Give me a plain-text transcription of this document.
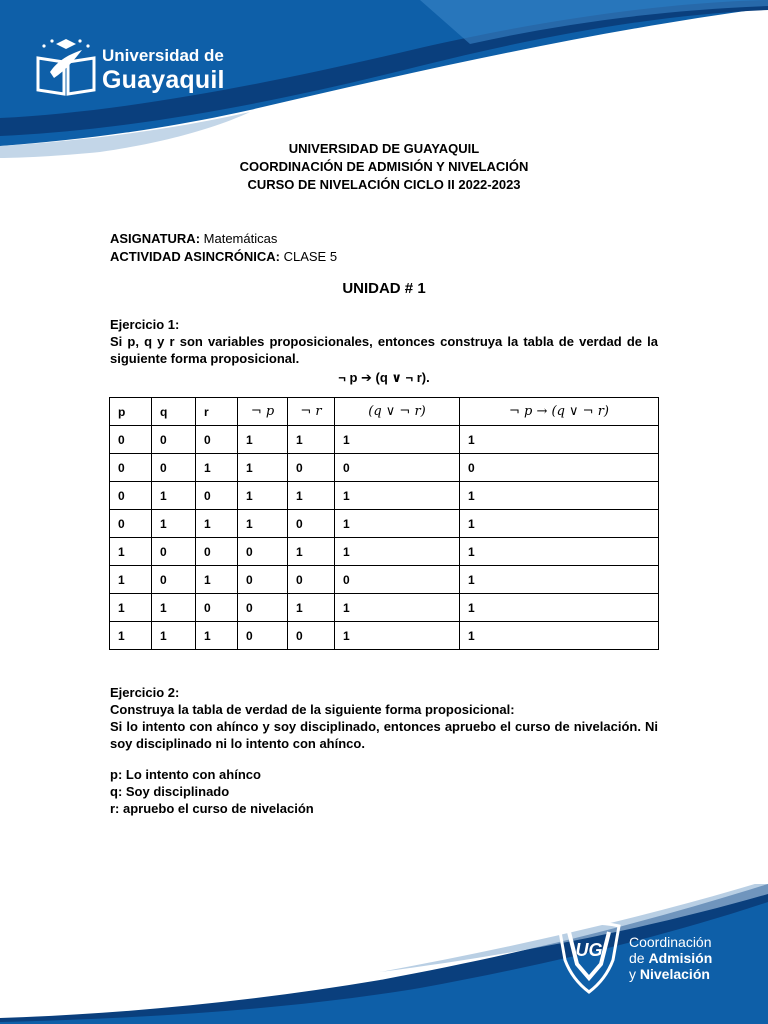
Universidad de
Guayaquil
UNIVERSIDAD DE GUAYAQUIL
COORDINACIÓN DE ADMISIÓN Y NIVELACIÓN
CURSO DE NIVELACIÓN CICLO II 2022-2023
ASIGNATURA: Matemáticas
ACTIVIDAD ASINCRÓNICA: CLASE 5
UNIDAD # 1
Ejercicio 1:
Si p, q y r son variables proposicionales, entonces construya la tabla de verdad de la siguiente forma proposicional.
¬ p ➔ (q ∨ ¬ r).
p	q	r	¬ p	¬ r	(q ∨ ¬ r)	¬ p → (q ∨ ¬ r)
0	0	0	1	1	1	1
0	0	1	1	0	0	0
0	1	0	1	1	1	1
0	1	1	1	0	1	1
1	0	0	0	1	1	1
1	0	1	0	0	0	1
1	1	0	0	1	1	1
1	1	1	0	0	1	1
Ejercicio 2:
Construya la tabla de verdad de la siguiente forma proposicional:
Si lo intento con ahínco y soy disciplinado, entonces apruebo el curso de nivelación. Ni soy disciplinado ni lo intento con ahínco.
p: Lo intento con ahínco
q: Soy disciplinado
r: apruebo el curso de nivelación
UG Coordinación
de Admisión
y Nivelación
